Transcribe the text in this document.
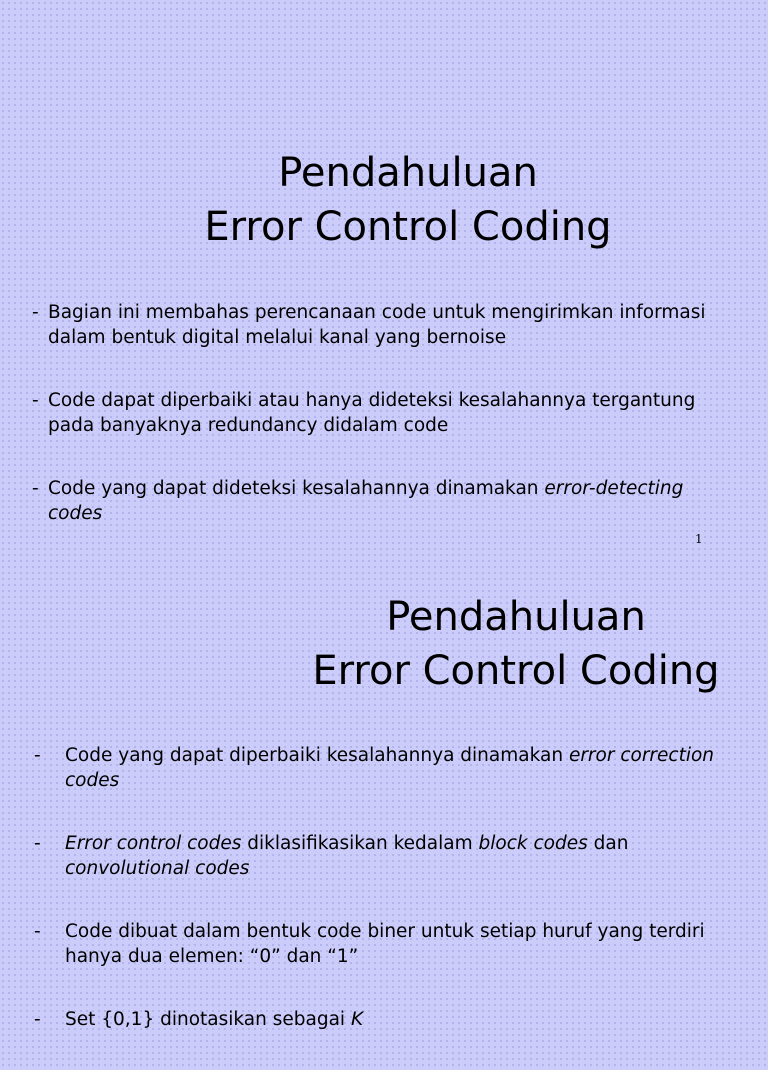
Pendahuluan
Error Control Coding
- Bagian ini membahas perencanaan code untuk mengirimkan informasi dalam bentuk digital melalui kanal yang bernoise
- Code dapat diperbaiki atau hanya dideteksi kesalahannya tergantung pada banyaknya redundancy didalam code
- Code yang dapat dideteksi kesalahannya dinamakan error-detecting codes
1
Pendahuluan
Error Control Coding
- Code yang dapat diperbaiki kesalahannya dinamakan error correction codes
- Error control codes diklasifikasikan kedalam block codes dan convolutional codes
- Code dibuat dalam bentuk code biner untuk setiap huruf yang terdiri hanya dua elemen: “0” dan “1”
- Set {0,1} dinotasikan sebagai K
